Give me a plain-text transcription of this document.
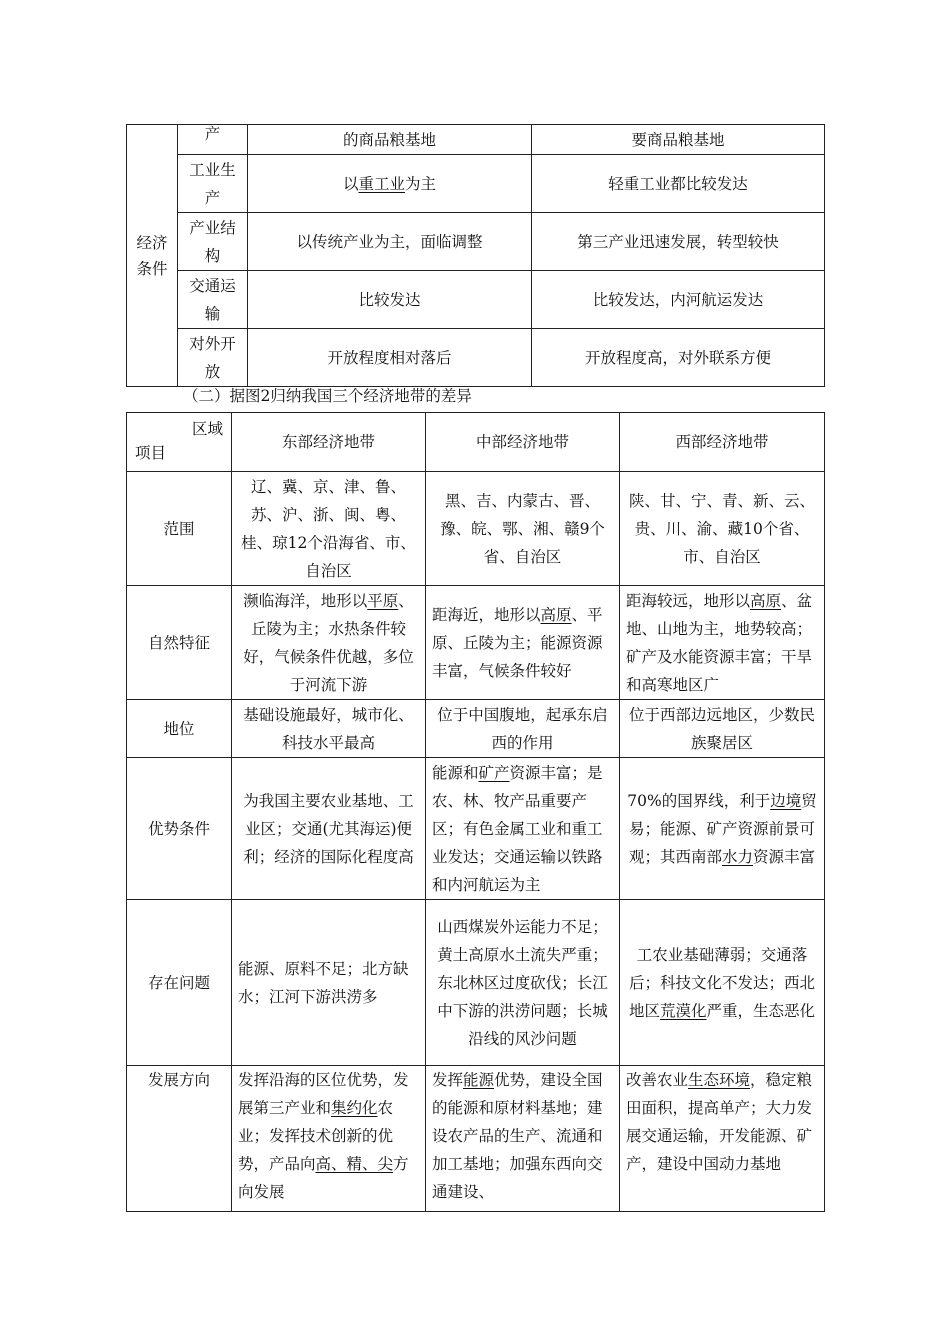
经济条件	产	的商品粮基地	要商品粮基地
	工业生产	以重工业为主	轻重工业都比较发达
	产业结构	以传统产业为主，面临调整	第三产业迅速发展，转型较快
	交通运输	比较发达	比较发达，内河航运发达
	对外开放	开放程度相对落后	开放程度高，对外联系方便
（二）据图2归纳我国三个经济地带的差异
区域
项目	东部经济地带	中部经济地带	西部经济地带
范围	辽、冀、京、津、鲁、苏、沪、浙、闽、粤、桂、琼12个沿海省、市、自治区	黑、吉、内蒙古、晋、豫、皖、鄂、湘、赣9个省、自治区	陕、甘、宁、青、新、云、贵、川、渝、藏10个省、市、自治区
自然特征	濒临海洋，地形以平原、丘陵为主；水热条件较好，气候条件优越，多位于河流下游	距海近，地形以高原、平原、丘陵为主；能源资源丰富，气候条件较好	距海较远，地形以高原、盆地、山地为主，地势较高；矿产及水能资源丰富；干旱和高寒地区广
地位	基础设施最好，城市化、科技水平最高	位于中国腹地，起承东启西的作用	位于西部边远地区，少数民族聚居区
优势条件	为我国主要农业基地、工业区；交通(尤其海运)便利；经济的国际化程度高	能源和矿产资源丰富；是农、林、牧产品重要产区；有色金属工业和重工业发达；交通运输以铁路和内河航运为主	70%的国界线，利于边境贸易；能源、矿产资源前景可观；其西南部水力资源丰富
存在问题	能源、原料不足；北方缺水；江河下游洪涝多	山西煤炭外运能力不足；黄土高原水土流失严重；东北林区过度砍伐；长江中下游的洪涝问题；长城沿线的风沙问题	工农业基础薄弱；交通落后；科技文化不发达；西北地区荒漠化严重，生态恶化
发展方向	发挥沿海的区位优势，发展第三产业和集约化农业；发挥技术创新的优势，产品向高、精、尖方向发展	发挥能源优势，建设全国的能源和原材料基地；建设农产品的生产、流通和加工基地；加强东西向交通建设、	改善农业生态环境，稳定粮田面积，提高单产；大力发展交通运输，开发能源、矿产，建设中国动力基地
